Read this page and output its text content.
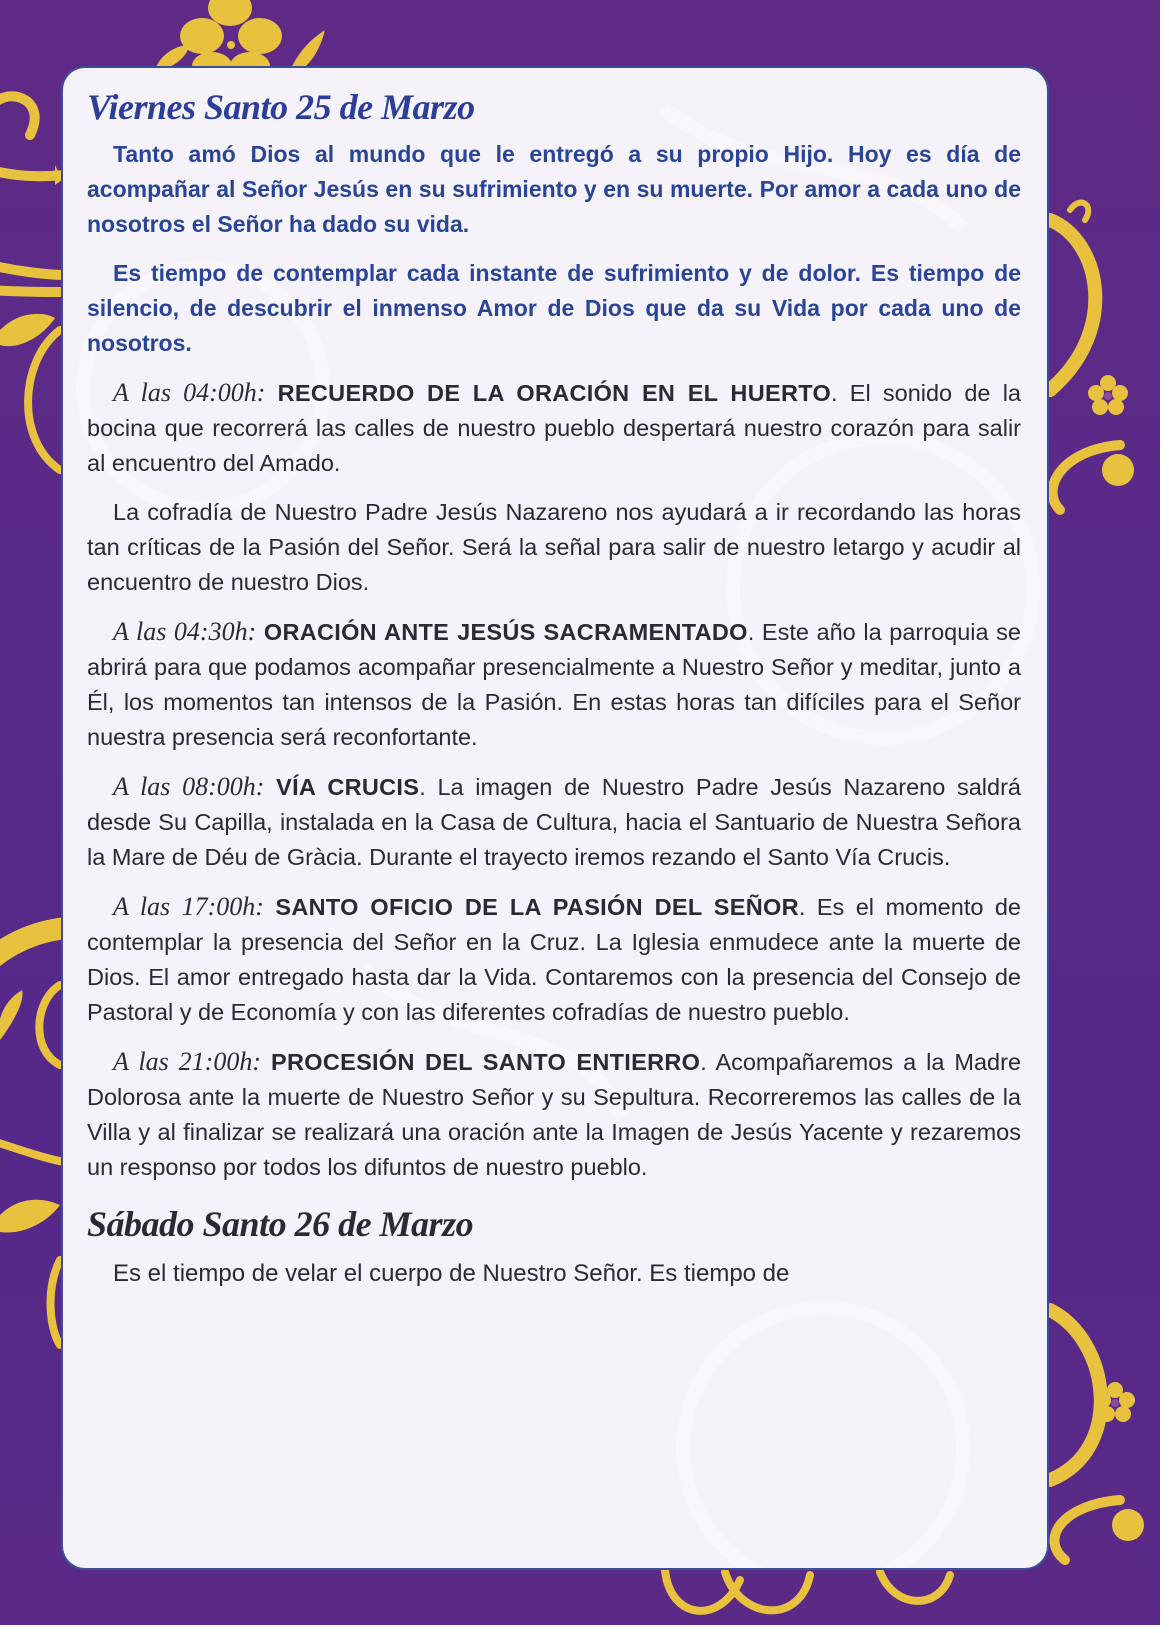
Viernes Santo 25 de Marzo

Tanto amó Dios al mundo que le entregó a su propio Hijo. Hoy es día de acompañar al Señor Jesús en su sufrimiento y en su muerte. Por amor a cada uno de nosotros el Señor ha dado su vida.

Es tiempo de contemplar cada instante de sufrimiento y de dolor. Es tiempo de silencio, de descubrir el inmenso Amor de Dios que da su Vida por cada uno de nosotros.

A las 04:00h: RECUERDO DE LA ORACIÓN EN EL HUERTO. El sonido de la bocina que recorrerá las calles de nuestro pueblo despertará nuestro corazón para salir al encuentro del Amado.

La cofradía de Nuestro Padre Jesús Nazareno nos ayudará a ir recordando las horas tan críticas de la Pasión del Señor. Será la señal para salir de nuestro letargo y acudir al encuentro de nuestro Dios.

A las 04:30h: ORACIÓN ANTE JESÚS SACRAMENTADO. Este año la parroquia se abrirá para que podamos acompañar presencialmente a Nuestro Señor y meditar, junto a Él, los momentos tan intensos de la Pasión. En estas horas tan difíciles para el Señor nuestra presencia será reconfortante.

A las 08:00h: VÍA CRUCIS. La imagen de Nuestro Padre Jesús Nazareno saldrá desde Su Capilla, instalada en la Casa de Cultura, hacia el Santuario de Nuestra Señora la Mare de Déu de Gràcia. Durante el trayecto iremos rezando el Santo Vía Crucis.

A las 17:00h: SANTO OFICIO DE LA PASIÓN DEL SEÑOR. Es el momento de contemplar la presencia del Señor en la Cruz. La Iglesia enmudece ante la muerte de Dios. El amor entregado hasta dar la Vida. Contaremos con la presencia del Consejo de Pastoral y de Economía y con las diferentes cofradías de nuestro pueblo.

A las 21:00h: PROCESIÓN DEL SANTO ENTIERRO. Acompañaremos a la Madre Dolorosa ante la muerte de Nuestro Señor y su Sepultura. Recorreremos las calles de la Villa y al finalizar se realizará una oración ante la Imagen de Jesús Yacente y rezaremos un responso por todos los difuntos de nuestro pueblo.

Sábado Santo 26 de Marzo

Es el tiempo de velar el cuerpo de Nuestro Señor. Es tiempo de
